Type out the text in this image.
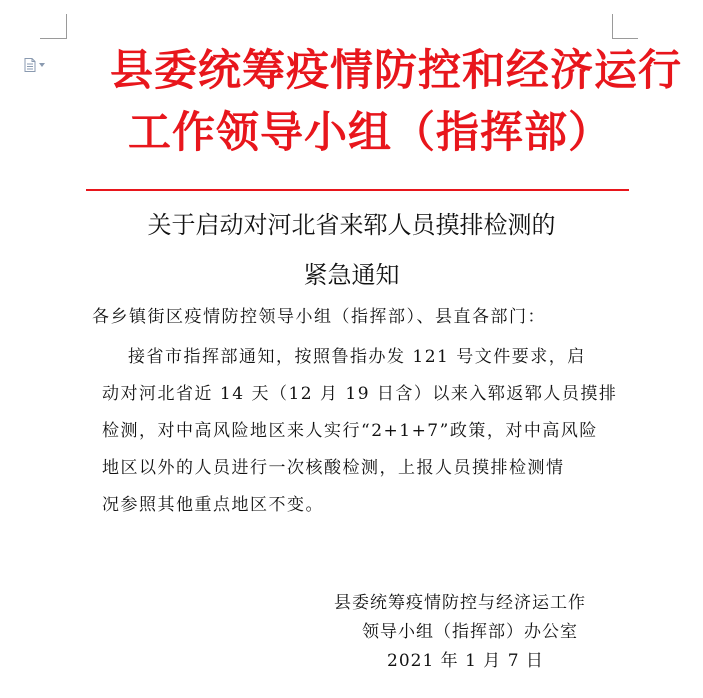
县委统筹疫情防控和经济运行
工作领导小组（指挥部）
关于启动对河北省来郓人员摸排检测的
紧急通知
各乡镇街区疫情防控领导小组（指挥部）、县直各部门：
接省市指挥部通知，按照鲁指办发 121 号文件要求，启
动对河北省近 14 天（12 月 19 日含）以来入郓返郓人员摸排
检测，对中高风险地区来人实行“2+1+7”政策，对中高风险
地区以外的人员进行一次核酸检测，上报人员摸排检测情
况参照其他重点地区不变。
县委统筹疫情防控与经济运工作
领导小组（指挥部）办公室
2021 年 1 月 7 日
